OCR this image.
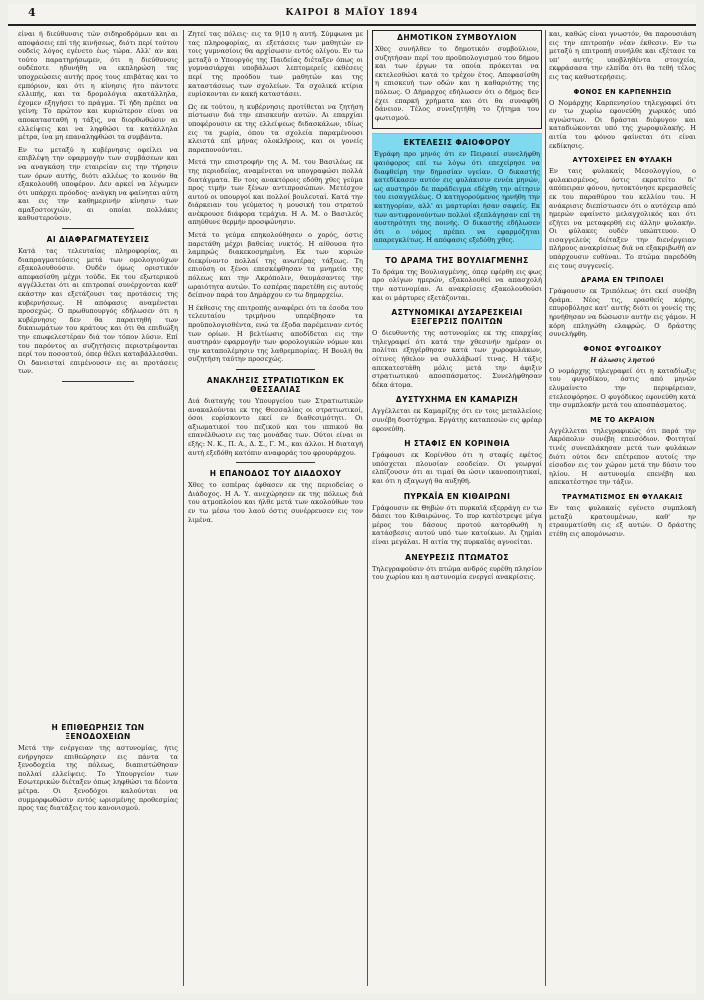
4	ΚΑΙΡΟΙ 8 ΜΑΪΟΥ 1894

είναι ή διεύθυνσις τών σιδηροδρόμων και αι αποφάσεις επί τής κινήσεως, διότι περί τούτου ουδείς λόγος εγένετο έως τώρα. Αλλ' αν και τούτο παρατηρήσωμεν, ότι η διεύθυνσις ουδέποτε ηδυνήθη να εκπληρώση τας υποχρεώσεις αυτής προς τους επιβάτας και το εμπόριον, και ότι η κίνησις ήτο πάντοτε ελλιπής, και τα δρομολόγια ακατάλληλα, έχομεν εξηγήσει το πράγμα. Τί ήδη πρέπει να γείνη; Το πρώτον και κυριώτερον είναι να αποκατασταθή η τάξις, να διορθωθώσιν αι ελλείψεις και να ληφθώσι τα κατάλληλα μέτρα, ίνα μη επαναληφθώσι τα συμβάντα.

Εν τω μεταξύ η κυβέρνησις οφείλει να επιβλέψη την εφαρμογήν των συμβάσεων και να αναγκάση την εταιρείαν εις την τήρησιν των όρων αυτής, διότι αλλέως το κοινόν θα εξακολουθή υποφέρον. Δεν αρκεί να λέγωμεν ότι υπάρχει πρόοδος· ανάγκη να φαίνηται αύτη και εις την καθημερινήν κίνησιν των αμαξοστοιχιών, αι οποίαι πολλάκις καθυστερούσιν.

ΑΙ ΔΙΑΦΡΑΓΜΑΤΕΥΣΕΙΣ

Κατά τας τελευταίας πληροφορίας, αι διαπραγματεύσεις μετά των ομολογιούχων εξακολουθούσιν. Ουδέν όμως οριστικόν απεφασίσθη μέχρι τούδε. Εκ του εξωτερικού αγγέλλεται ότι αι επιτροπαί συνέρχονται καθ' εκάστην και εξετάζουσι τας προτάσεις της κυβερνήσεως. Η απόφασις αναμένεται προσεχώς. Ο πρωθυπουργός εδήλωσεν ότι η κυβέρνησις δεν θα παραιτηθή των δικαιωμάτων του κράτους και ότι θα επιδιώξη την επωφελεστέραν διά τον τόπον λύσιν. Επί του παρόντος αι συζητήσεις περιστρέφονται περί του ποσοστού, όπερ θέλει καταβάλλεσθαι. Οι δανεισταί επιμένουσιν εις αι προτάσεις των.

Η ΕΠΙΘΕΩΡΗΣΙΣ ΤΩΝ ΞΕΝΟΔΟΧΕΙΩΝ

Μετά την ενέργειαν της αστυνομίας, ήτις ενήργησεν επιθεώρησιν εις πάντα τα ξενοδοχεία της πόλεως, διαπιστώθησαν πολλαί ελλείψεις. Το Υπουργείον των Εσωτερικών διέταξεν όπως ληφθώσι τα δέοντα μέτρα. Οι ξενοδόχοι καλούνται να συμμορφωθώσιν εντός ωρισμένης προθεσμίας προς τας διατάξεις του κανονισμού.

Ζητεί τας πόλεις· εις τα 9|10 η αυτή. Σύμφωνα με τας πληροφορίας, αι εξετάσεις των μαθητών εν τοις γυμνασίοις θα αρχίσωσιν εντός ολίγου. Εν τω μεταξύ ο Υπουργός της Παιδείας διέταξεν όπως οι γυμνασιάρχαι υποβάλωσι λεπτομερείς εκθέσεις περί της προόδου των μαθητών και της καταστάσεως των σχολείων. Τα σχολικά κτίρια ευρίσκονται εν κακή καταστάσει.

Ως εκ τούτου, η κυβέρνησις προτίθεται να ζητήση πίστωσιν διά την επισκευήν αυτών. Αι επαρχίαι υποφέρουσιν εκ της ελλείψεως διδασκάλων, ιδίως εις τα χωρία, όπου τα σχολεία παραμένουσι κλειστά επί μήνας ολοκλήρους, και οι γονείς παραπονούνται.

Μετά την επιστροφήν της Α. Μ. του Βασιλέως εκ της περιοδείας, αναμένεται να υπογραφώσι πολλά διατάγματα. Εν τοις ανακτόροις εδόθη χθες γεύμα προς τιμήν των ξένων αντιπροσώπων. Μετέσχον αυτού οι υπουργοί και πολλοί βουλευταί. Κατά την διάρκειαν του γεύματος η μουσική του στρατού ανέκρουσε διάφορα τεμάχια. Η Α. Μ. ο Βασιλεύς απηύθυνε θερμήν προσφώνησιν.

Μετά το γεύμα επηκολούθησεν ο χορός, όστις παρετάθη μέχρι βαθείας νυκτός. Η αίθουσα ήτο λαμπρώς διακεκοσμημένη. Εκ των κυριών διεκρίνοντο πολλαί της ανωτέρας τάξεως. Τη επιούση οι ξένοι επεσκέφθησαν τα μνημεία της πόλεως και την Ακρόπολιν, θαυμάσαντες την ωραιότητα αυτών. Το εσπέρας παρετέθη εις αυτούς δείπνον παρά του Δημάρχου εν τω δημαρχείω.

Η έκθεσις της επιτροπής αναφέρει ότι τα έσοδα του τελευταίου τριμήνου υπερέβησαν τα προϋπολογισθέντα, ενώ τα έξοδα παρέμειναν εντός των ορίων. Η βελτίωσις αποδίδεται εις την αυστηράν εφαρμογήν των φορολογικών νόμων και την καταπολέμησιν της λαθρεμπορίας. Η Βουλή θα συζητήση ταύτην προσεχώς.

ΑΝΑΚΛΗΣΙΣ ΣΤΡΑΤΙΩΤΙΚΩΝ ΕΚ ΘΕΣΣΑΛΙΑΣ

Διά διαταγής του Υπουργείου των Στρατιωτικών ανακαλούνται εκ της Θεσσαλίας οι στρατιωτικοί, όσοι ευρίσκοντο εκεί εν διαθεσιμότητι. Οι αξιωματικοί του πεζικού και του ιππικού θα επανέλθωσιν εις τας μονάδας των. Ούτοι είναι οι εξής: Ν. Κ., Π. Α., Δ. Σ., Γ. Μ., και άλλοι. Η διαταγή αυτή εξεδόθη κατόπιν αναφοράς του φρουράρχου.

Η ΕΠΑΝΟΔΟΣ ΤΟΥ ΔΙΑΔΟΧΟΥ

Χθες το εσπέρας έφθασεν εκ της περιοδείας ο Διάδοχος. Η Α. Υ. ανεχώρησεν εκ της πόλεως διά του ατμοπλοίου και ήλθε μετά των ακολούθων του εν τω μέσω του λαού όστις συνέρρευσεν εις τον λιμένα.

ΔΗΜΟΤΙΚΟΝ ΣΥΜΒΟΥΛΙΟΝ

Χθες συνήλθεν το δημοτικόν συμβούλιον, συζητήσαν περί του προϋπολογισμού του δήμου και των έργων τα οποία πρόκειται να εκτελεσθώσι κατά το τρέχον έτος. Απεφασίσθη η επισκευή των οδών και η καθαριότης της πόλεως. Ο Δήμαρχος εδήλωσεν ότι ο δήμος δεν έχει επαρκή χρήματα και ότι θα συναφθή δάνειον. Τέλος συνεζητήθη το ζήτημα του φωτισμού.

ΕΚΤΕΛΕΣΙΣ ΦΑΙΟΦΟΡΟΥ

Εγράφη προ μηνός ότι εν Πειραιεί συνελήφθη φαιόφορος επί τω λόγω ότι επεχείρησε να διαφθείρη την δημοσίαν υγείαν. Ο δικαστής κατεδίκασεν αυτόν εις φυλάκισιν εννέα μηνών, ως αυστηρόν δε παράδειγμα εδέχθη την αίτησιν του εισαγγελέως. Ο κατηγορούμενος ηρνήθη την κατηγορίαν, αλλ' αι μαρτυρίαι ήσαν σαφείς. Εκ των αντιφρονούντων πολλοί εξεπλάγησαν επί τη αυστηρότητι της ποινής. Ο δικαστής εδήλωσεν ότι ο νόμος πρέπει να εφαρμόζηται απαρεγκλίτως. Η απόφασις εξεδόθη χθες.

ΤΟ ΔΡΑΜΑ ΤΗΣ ΒΟΥΛΙΑΓΜΕΝΗΣ

Το δράμα της Βουλιαγμένης, όπερ εφέρθη εις φως προ ολίγων ημερών, εξακολουθεί να απασχολή την αστυνομίαν. Αι ανακρίσεις εξακολουθούσι και οι μάρτυρες εξετάζονται.

ΑΣΤΥΝΟΜΙΚΑΙ ΔΥΣΑΡΕΣΚΕΙΑΙ ΕΞΕΓΕΡΣΙΣ ΠΟΛΙΤΩΝ

Ο διευθυντής της αστυνομίας εκ της επαρχίας τηλεγραφεί ότι κατά την χθεσινήν ημέραν οι πολίται εξηγέρθησαν κατά των χωροφυλάκων, οίτινες ήθελον να συλλάβωσί τινας. Η τάξις απεκατεστάθη μόλις μετά την άφιξιν στρατιωτικού αποσπάσματος. Συνελήφθησαν δέκα άτομα.

ΔΥΣΤΥΧΗΜΑ ΕΝ ΚΑΜΑΡΙΖΗ

Αγγέλλεται εκ Καμαρίζης ότι εν τοις μεταλλείοις συνέβη δυστύχημα. Εργάτης καταπεσών εις φρέαρ εφονεύθη.

Η ΣΤΑΦΙΣ ΕΝ ΚΟΡΙΝΘΙΑ

Γράφουσι εκ Κορίνθου ότι η σταφίς εφέτος υπόσχεται πλουσίαν εσοδείαν. Οι γεωργοί ελπίζουσιν ότι αι τιμαί θα ώσιν ικανοποιητικαί, και ότι η εξαγωγή θα αυξηθή.

ΠΥΡΚΑΪΑ ΕΝ ΚΙΘΑΙΡΩΝΙ

Γράφουσιν εκ Θηβών ότι πυρκαϊά εξερράγη εν τω δάσει του Κιθαιρώνος. Το πυρ κατέστρεψε μέγα μέρος του δάσους προτού κατορθωθή η κατάσβεσις αυτού υπό των κατοίκων. Αι ζημίαι είναι μεγάλαι. Η αιτία της πυρκαϊάς αγνοείται.

ΑΝΕΥΡΕΣΙΣ ΠΤΩΜΑΤΟΣ

Τηλεγραφούσιν ότι πτώμα ανδρός ευρέθη πλησίον του χωρίου και η αστυνομία ενεργεί ανακρίσεις.

και, καθώς είναι γνωστόν, θα παρουσιάση εις την επιτροπήν νέαν έκθεσιν. Εν τω μεταξύ η επιτροπή συνήλθε και εξέτασε τα υπ' αυτής υποβληθέντα στοιχεία, εκφράσασα την ελπίδα ότι θα τεθή τέλος εις τας καθυστερήσεις.

ΦΟΝΟΣ ΕΝ ΚΑΡΠΕΝΗΣΙΩ

Ο Νομάρχης Καρπενησίου τηλεγραφεί ότι εν τω χωρίω εφονεύθη χωρικός υπό αγνώστων. Οι δράσται διέφυγον και καταδιώκονται υπό της χωροφυλακής. Η αιτία του φόνου φαίνεται ότι είναι εκδίκησις.

ΑΥΤΟΧΕΙΡΕΣ ΕΝ ΦΥΛΑΚΗ

Εν ταις φυλακαίς Μεσολογγίου, ο φυλακισμένος, όστις εκρατείτο δι' απόπειραν φόνου, ηυτοκτόνησε κρεμασθείς εκ του παραθύρου του κελλίου του. Η ανάκρισις διεπίστωσεν ότι ο αυτόχειρ από ημερών εφαίνετο μελαγχολικός και ότι εζήτει να μεταφερθή εις άλλην φυλακήν. Οι φύλακες ουδέν υπώπτευον. Ο εισαγγελεύς διέταξεν την διενέργειαν πλήρους ανακρίσεως διά να εξακριβωθή αν υπάρχουσιν ευθύναι. Το πτώμα παρεδόθη εις τους συγγενείς.

ΔΡΑΜΑ ΕΝ ΤΡΙΠΟΛΕΙ

Γράφουσιν εκ Τριπόλεως ότι εκεί συνέβη δράμα. Νέος τις, ερασθείς κόρης, επυροβόλησε κατ' αυτής διότι οι γονείς της ηρνήθησαν να δώσωσιν αυτήν εις γάμον. Η κόρη επληγώθη ελαφρώς. Ο δράστης συνελήφθη.

ΦΟΝΟΣ ΦΥΓΟΔΙΚΟΥ
Η άλωσις ληστού

Ο νομάρχης τηλεγραφεί ότι η καταδίωξις του φυγοδίκου, όστις από μηνών ελυμαίνετο την περιφέρειαν, ετελεσφόρησε. Ο φυγόδικος εφονεύθη κατά την συμπλοκήν μετά του αποσπάσματος.

ΜΕ ΤΟ ΑΚΡΑΙΟΝ

Αγγέλλεται τηλεγραφικώς ότι παρά την Ακρόπολιν συνέβη επεισόδιον. Φοιτηταί τινές συνεπλάκησαν μετά των φυλάκων διότι ούτοι δεν επέτρεπον αυτοίς την είσοδον εις τον χώρον μετά την δύσιν του ηλίου. Η αστυνομία επενέβη και απεκατέστησε την τάξιν.

ΤΡΑΥΜΑΤΙΣΜΟΣ ΕΝ ΦΥΛΑΚΑΙΣ

Εν ταις φυλακαίς εγένετο συμπλοκή μεταξύ κρατουμένων, καθ' ην ετραυματίσθη εις εξ αυτών. Ο δράστης ετέθη εις απομόνωσιν.
